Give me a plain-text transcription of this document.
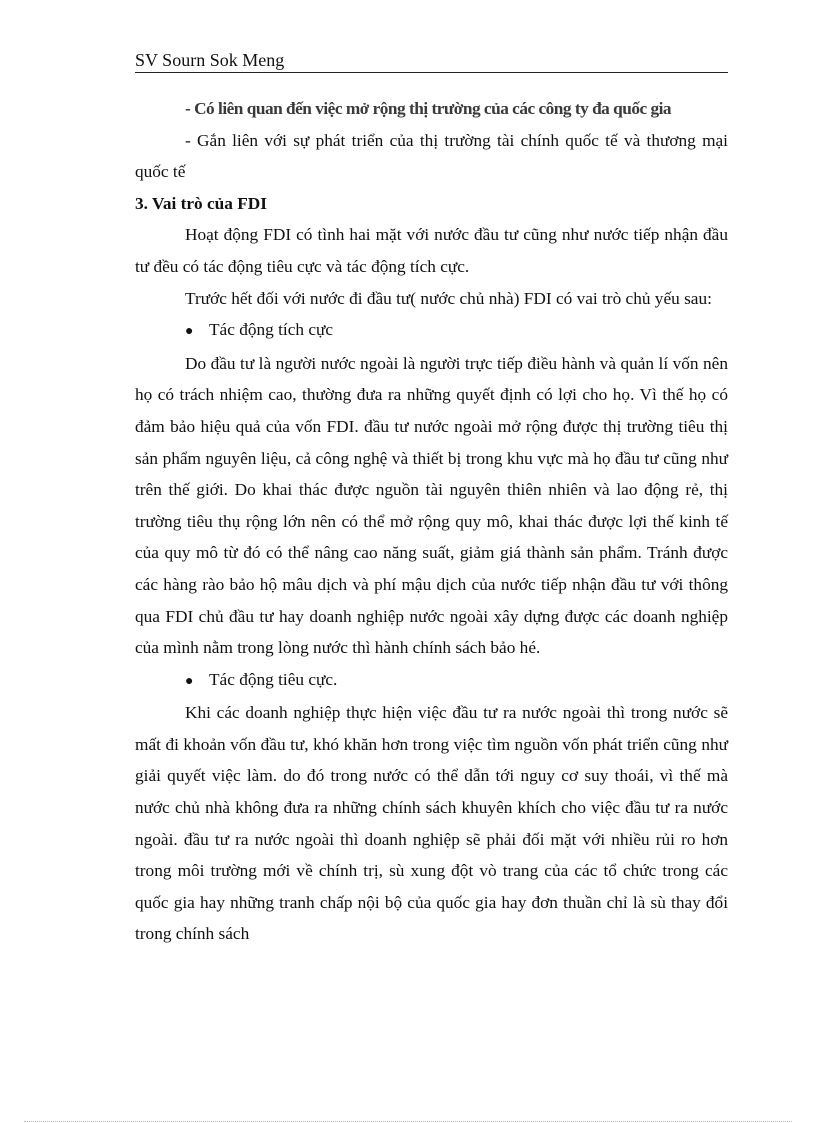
SV Sourn Sok Meng

- Có liên quan đến việc mở rộng thị trường của các công ty đa quốc gia

- Gắn liên với sự phát triển của thị trường tài chính quốc tế và thương mại quốc tế

3. Vai trò của FDI

Hoạt động FDI có tình hai mặt với nước đầu tư cũng như nước tiếp nhận đầu tư đều có tác động tiêu cực và tác động tích cực.

Trước hết đối với nước đi đầu tư( nước chủ nhà) FDI có vai trò chủ yếu sau:

● Tác động tích cực

Do đầu tư là người nước ngoài là người trực tiếp điều hành và quản lí vốn nên họ có trách nhiệm cao, thường đưa ra những quyết định có lợi cho họ. Vì thế họ có đảm bảo hiệu quả của vốn FDI. đầu tư nước ngoài mở rộng được thị trường tiêu thị sản phẩm nguyên liệu, cả công nghệ và thiết bị trong khu vực mà họ đầu tư cũng như trên thế giới. Do khai thác được nguồn tài nguyên thiên nhiên và lao động rẻ, thị trường tiêu thụ rộng lớn nên có thể mở rộng quy mô, khai thác được lợi thế kinh tế của quy mô từ đó có thể nâng cao năng suất, giảm giá thành sản phẩm. Tránh được các hàng rào bảo hộ mâu dịch và phí mậu dịch của nước tiếp nhận đầu tư với thông qua FDI chủ đầu tư hay doanh nghiệp nước ngoài xây dựng được các doanh nghiệp của mình nằm trong lòng nước thì hành chính sách bảo hé.

● Tác động tiêu cực.

Khi các doanh nghiệp thực hiện việc đầu tư ra nước ngoài thì trong nước sẽ mất đi khoản vốn đầu tư, khó khăn hơn trong việc tìm nguồn vốn phát triển cũng như giải quyết việc làm. do đó trong nước có thể dẫn tới nguy cơ suy thoái, vì thế mà nước chủ nhà không đưa ra những chính sách khuyên khích cho việc đầu tư ra nước ngoài. đầu tư ra nước ngoài thì doanh nghiệp sẽ phải đối mặt với nhiều rủi ro hơn trong môi trường mới về chính trị, sù xung đột vò trang của các tổ chức trong các quốc gia hay những tranh chấp nội bộ của quốc gia hay đơn thuần chỉ là sù thay đổi trong chính sách
